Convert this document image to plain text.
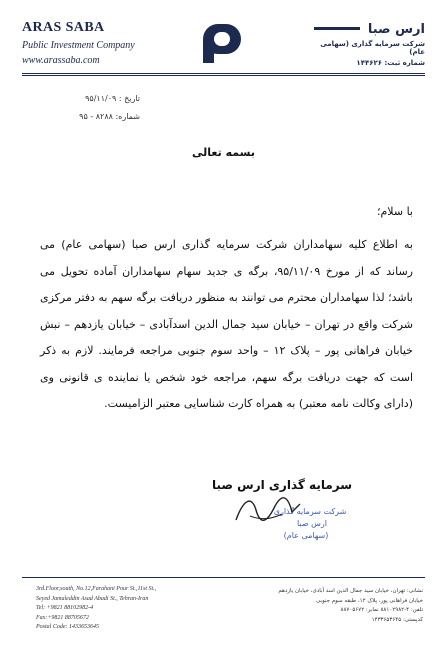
ARAS SABA
Public Investment Company
www.arassaba.com
ارس صبا
شرکت سرمایه گذاری (سهامی عام)
شماره ثبت: ۱۴۴۶۲۶
تاریخ : ۹۵/۱۱/۰۹
شماره: ۸۲۸۸ - ۹۵
بسمه تعالی
با سلام؛

به اطلاع کلیه سهامداران شرکت سرمایه گذاری ارس صبا (سهامی عام) می رساند که از مورخ ۹۵/۱۱/۰۹، برگه ی جدید سهام سهامداران آماده تحویل می باشد؛ لذا سهامداران محترم می توانند به منظور دریافت برگه سهم به دفتر مرکزی شرکت واقع در تهران – خیابان سید جمال الدین اسدآبادی – خیابان یازدهم – نبش خیابان فراهانی پور – پلاک ۱۲ – واحد سوم جنوبی مراجعه فرمایند. لازم به ذکر است که جهت دریافت برگه سهم، مراجعه خود شخص یا نماینده ی قانونی وی (دارای وکالت نامه معتبر) به همراه کارت شناسایی معتبر الزامیست.

سرمایه گذاری ارس صبا
شرکت سرمایه گذاری
ارس صبا
(سهامی عام)
3rd.Floor,south, No.12,Farahani Pour St.,11st St.,
Seyed Jamaleddin Asad Abadi St., Tehran-Iran
Tel: +9821 88102982-4
Fax:+9821 88705672
Postal Code: 1433653645
نشانی: تهران، خیابان سید جمال الدین اسد آبادی، خیابان یازدهم
خیابان فراهانی پور، پلاک ۱۲، طبقه سوم جنوبی
تلفن: ۴-۸۸۱۰۲۹۸۲ نمابر: ۸۸۷۰۵۶۷۲
کدپستی: ۱۴۳۳۶۵۳۶۴۵
